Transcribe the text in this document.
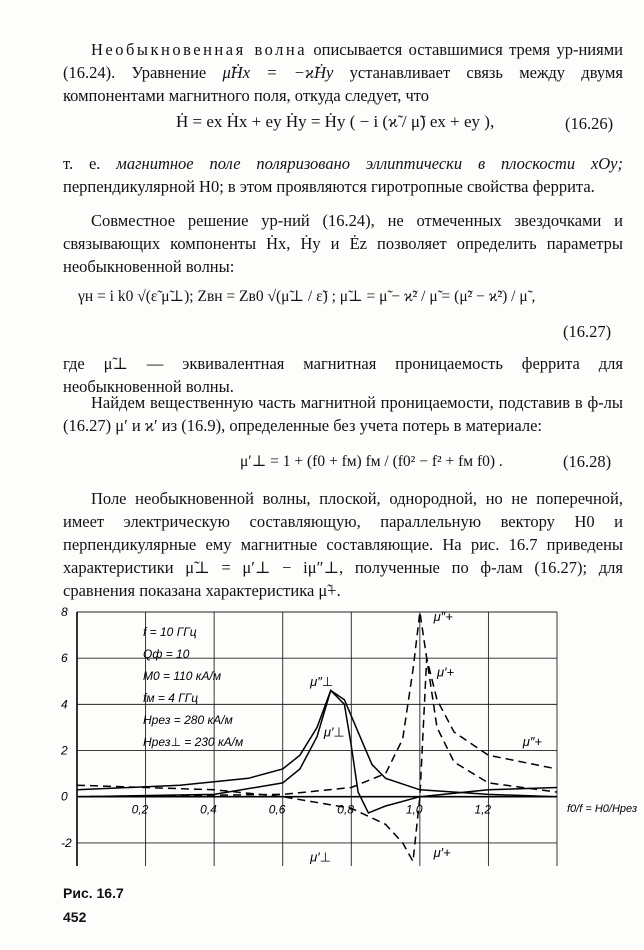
Необыкновенная волна описывается оставшимися тремя ур-ниями (16.24). Уравнение μ̃Ḣx = −ϰ̃Ḣy устанавливает связь между двумя компонентами магнитного поля, откуда следует, что
Ḣ = ex Ḣx + ey Ḣy = Ḣy ( − i (ϰ̃ / μ̃) ex + ey ),	(16.26)
т. е. магнитное поле поляризовано эллиптически в плоскости xOy; перпендикулярной H0; в этом проявляются гиротропные свойства феррита.
Совместное решение ур-ний (16.24), не отмеченных звездочками и связывающих компоненты Ḣx, Ḣy и Ėz позволяет определить параметры необыкновенной волны:
γн = i k0 √(ε̃ μ̃⊥); Zвн = Zв0 √(μ̃⊥ / ε̃) ; μ̃⊥ = μ̃ − ϰ̃² / μ̃ = (μ̃² − ϰ̃²) / μ̃ ,
(16.27)
где μ̃⊥ — эквивалентная магнитная проницаемость феррита для необыкновенной волны.
Найдем вещественную часть магнитной проницаемости, подставив в ф-лы (16.27) μ′ и ϰ′ из (16.9), определенные без учета потерь в материале:
μ′⊥ = 1 + (f0 + fм) fм / (f0² − f² + fм f0) .	(16.28)
Поле необыкновенной волны, плоской, однородной, но не поперечной, имеет электрическую составляющую, параллельную вектору H0 и перпендикулярные ему магнитные составляющие. На рис. 16.7 приведены характеристики μ̃⊥ = μ′⊥ − iμ″⊥, полученные по ф-лам (16.27); для сравнения показана характеристика μ̃+.
0,2	0,4	0,6	0,8	1,0	1,2
8
6
4
2
0
-2
μ″+
μ′+
μ″⊥
μ′⊥
μ″+
μ′⊥
μ′+
f = 10 ГГц
Qф = 10
M0 = 110 кА/м
fм = 4 ГГц
Hрез = 280 кА/м
Hрез⊥ = 230 кА/м
f0/f = H0/Hрез
Рис. 16.7
452
